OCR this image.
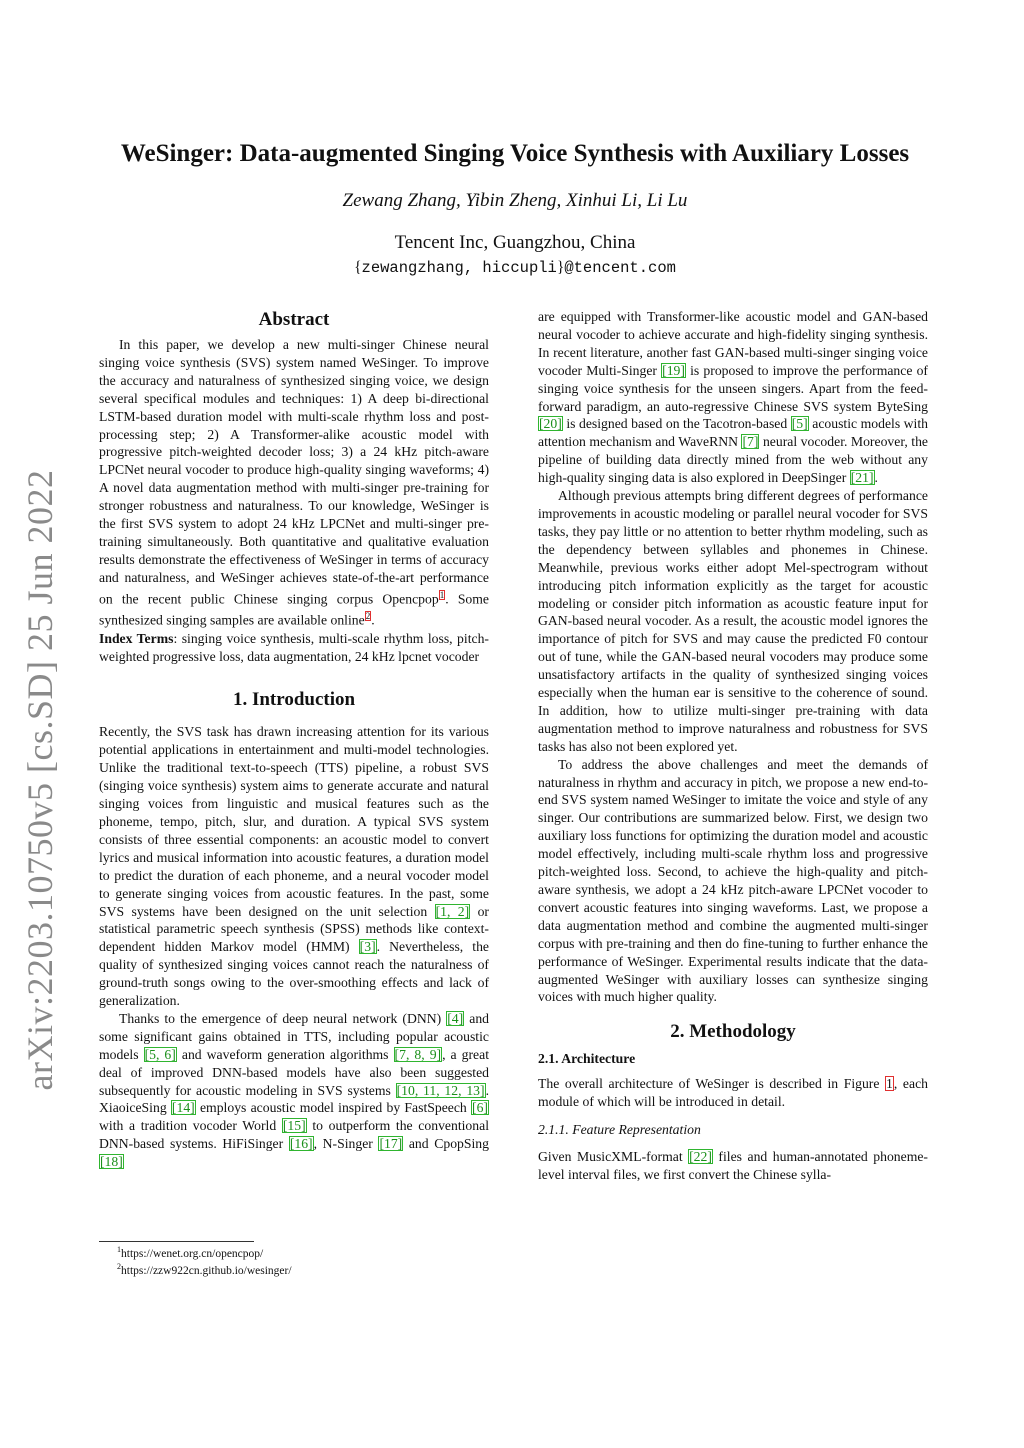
arXiv:2203.10750v5 [cs.SD] 25 Jun 2022
WeSinger: Data-augmented Singing Voice Synthesis with Auxiliary Losses
Zewang Zhang, Yibin Zheng, Xinhui Li, Li Lu
Tencent Inc, Guangzhou, China
{zewangzhang, hiccupli}@tencent.com
Abstract

In this paper, we develop a new multi-singer Chinese neural singing voice synthesis (SVS) system named WeSinger. To improve the accuracy and naturalness of synthesized singing voice, we design several specifical modules and techniques: 1) A deep bi-directional LSTM-based duration model with multi-scale rhythm loss and post-processing step; 2) A Transformer-alike acoustic model with progressive pitch-weighted decoder loss; 3) a 24 kHz pitch-aware LPCNet neural vocoder to produce high-quality singing waveforms; 4) A novel data augmentation method with multi-singer pre-training for stronger robustness and naturalness. To our knowledge, WeSinger is the first SVS system to adopt 24 kHz LPCNet and multi-singer pre-training simultaneously. Both quantitative and qualitative evaluation results demonstrate the effectiveness of WeSinger in terms of accuracy and naturalness, and WeSinger achieves state-of-the-art performance on the recent public Chinese singing corpus Opencpop$^1$. Some synthesized singing samples are available online$^2$.

Index Terms: singing voice synthesis, multi-scale rhythm loss, pitch-weighted progressive loss, data augmentation, 24 kHz lpcnet vocoder

1. Introduction

Recently, the SVS task has drawn increasing attention for its various potential applications in entertainment and multi-model technologies. Unlike the traditional text-to-speech (TTS) pipeline, a robust SVS (singing voice synthesis) system aims to generate accurate and natural singing voices from linguistic and musical features such as the phoneme, tempo, pitch, slur, and duration. A typical SVS system consists of three essential components: an acoustic model to convert lyrics and musical information into acoustic features, a duration model to predict the duration of each phoneme, and a neural vocoder model to generate singing voices from acoustic features. In the past, some SVS systems have been designed on the unit selection [1, 2] or statistical parametric speech synthesis (SPSS) methods like context-dependent hidden Markov model (HMM) [3]. Nevertheless, the quality of synthesized singing voices cannot reach the naturalness of ground-truth songs owing to the over-smoothing effects and lack of generalization.

Thanks to the emergence of deep neural network (DNN) [4] and some significant gains obtained in TTS, including popular acoustic models [5, 6] and waveform generation algorithms [7, 8, 9], a great deal of improved DNN-based models have also been suggested subsequently for acoustic modeling in SVS systems [10, 11, 12, 13]. XiaoiceSing [14] employs acoustic model inspired by FastSpeech [6] with a tradition vocoder World [15] to outperform the conventional DNN-based systems. HiFiSinger [16], N-Singer [17] and CpopSing [18]

$^1$https://wenet.org.cn/opencpop/
$^2$https://zzw922cn.github.io/wesinger/

are equipped with Transformer-like acoustic model and GAN-based neural vocoder to achieve accurate and high-fidelity singing synthesis. In recent literature, another fast GAN-based multi-singer singing voice vocoder Multi-Singer [19] is proposed to improve the performance of singing voice synthesis for the unseen singers. Apart from the feed-forward paradigm, an auto-regressive Chinese SVS system ByteSing [20] is designed based on the Tacotron-based [5] acoustic models with attention mechanism and WaveRNN [7] neural vocoder. Moreover, the pipeline of building data directly mined from the web without any high-quality singing data is also explored in DeepSinger [21].

Although previous attempts bring different degrees of performance improvements in acoustic modeling or parallel neural vocoder for SVS tasks, they pay little or no attention to better rhythm modeling, such as the dependency between syllables and phonemes in Chinese. Meanwhile, previous works either adopt Mel-spectrogram without introducing pitch information explicitly as the target for acoustic modeling or consider pitch information as acoustic feature input for GAN-based neural vocoder. As a result, the acoustic model ignores the importance of pitch for SVS and may cause the predicted F0 contour out of tune, while the GAN-based neural vocoders may produce some unsatisfactory artifacts in the quality of synthesized singing voices especially when the human ear is sensitive to the coherence of sound. In addition, how to utilize multi-singer pre-training with data augmentation method to improve naturalness and robustness for SVS tasks has also not been explored yet.

To address the above challenges and meet the demands of naturalness in rhythm and accuracy in pitch, we propose a new end-to-end SVS system named WeSinger to imitate the voice and style of any singer. Our contributions are summarized below. First, we design two auxiliary loss functions for optimizing the duration model and acoustic model effectively, including multi-scale rhythm loss and progressive pitch-weighted loss. Second, to achieve the high-quality and pitch-aware synthesis, we adopt a 24 kHz pitch-aware LPCNet vocoder to convert acoustic features into singing waveforms. Last, we propose a data augmentation method and combine the augmented multi-singer corpus with pre-training and then do fine-tuning to further enhance the performance of WeSinger. Experimental results indicate that the data-augmented WeSinger with auxiliary losses can synthesize singing voices with much higher quality.

2. Methodology
2.1. Architecture

The overall architecture of WeSinger is described in Figure 1, each module of which will be introduced in detail.

2.1.1. Feature Representation

Given MusicXML-format [22] files and human-annotated phoneme-level interval files, we first convert the Chinese sylla-
